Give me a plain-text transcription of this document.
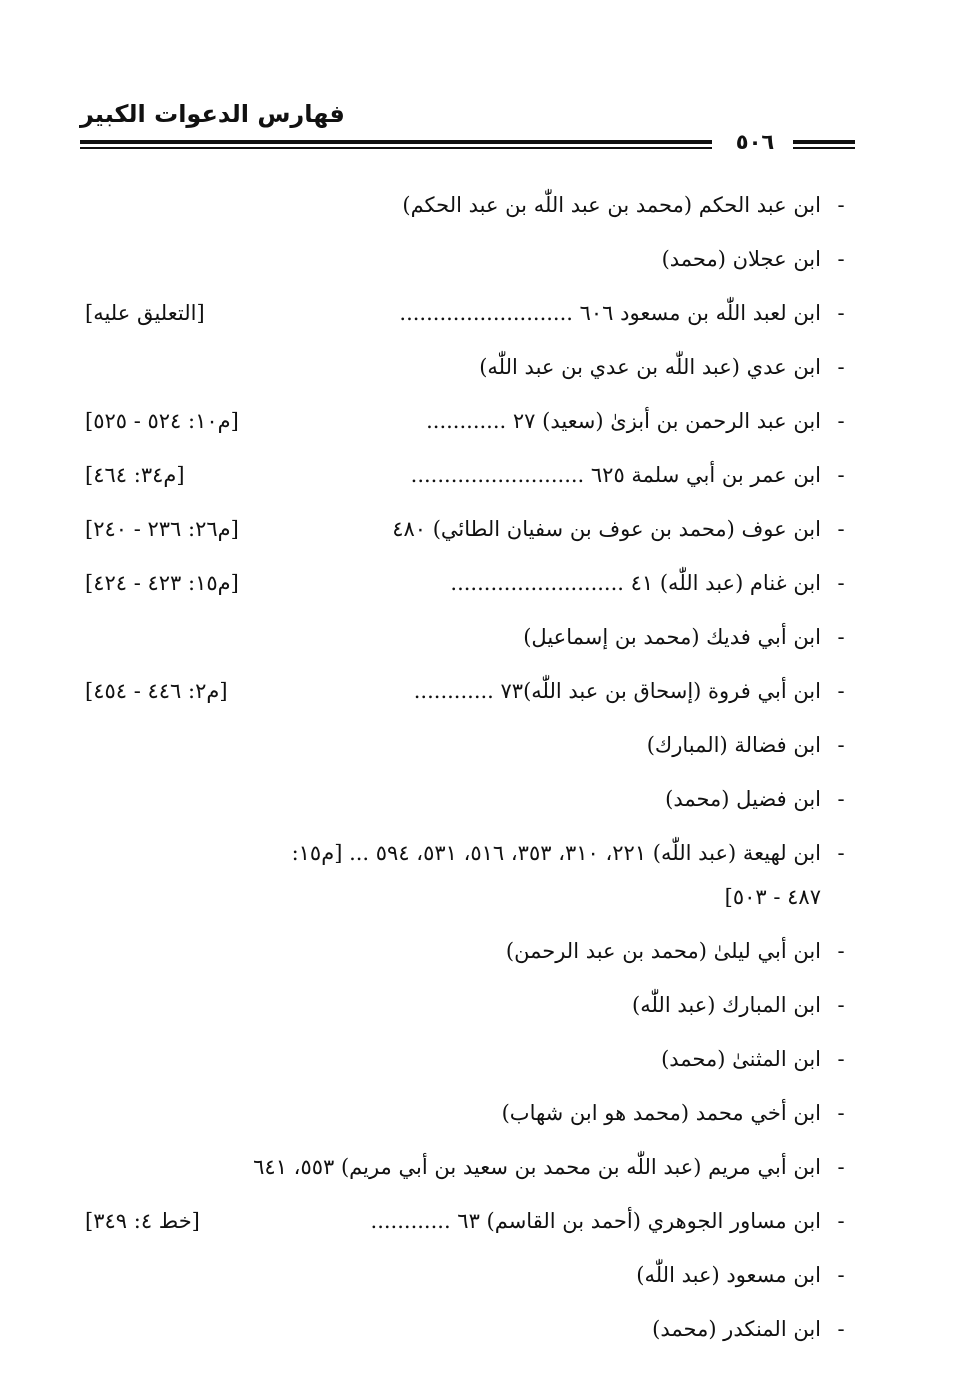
فهارس الدعوات الكبير
٥٠٦
-
ابن عبد الحكم (محمد بن عبد اللّٰه بن عبد الحكم)
-
ابن عجلان (محمد)
-
ابن لعبد اللّٰه بن مسعود ٦٠٦ ..........................
[التعليق عليه]
-
ابن عدي (عبد اللّٰه بن عدي بن عبد اللّٰه)
-
ابن عبد الرحمن بن أبزیٰ (سعید) ٢٧ ............
[م١٠: ٥٢٤ - ٥٢٥]
-
ابن عمر بن أبي سلمة ٦٢٥ ..........................
[م٣٤: ٤٦٤]
-
ابن عوف (محمد بن عوف بن سفيان الطائي) ٤٨٠
[م٢٦: ٢٣٦ - ٢٤٠]
-
ابن غنام (عبد اللّٰه) ٤١ ..........................
[م١٥: ٤٢٣ - ٤٢٤]
-
ابن أبي فديك (محمد بن إسماعيل)
-
ابن أبي فروة (إسحاق بن عبد اللّٰه)٧٣ ............
[م٢: ٤٤٦ - ٤٥٤]
-
ابن فضالة (المبارك)
-
ابن فضيل (محمد)
-
ابن لهيعة (عبد اللّٰه) ٢٢١، ٣١٠، ٣٥٣، ٥١٦، ٥٣١، ٥٩٤ ... [م١٥:
٤٨٧ - ٥٠٣]
-
ابن أبي ليلیٰ (محمد بن عبد الرحمن)
-
ابن المبارك (عبد اللّٰه)
-
ابن المثنیٰ (محمد)
-
ابن أخي محمد (محمد هو ابن شهاب)
-
ابن أبي مريم (عبد اللّٰه بن محمد بن سعيد بن أبي مريم) ٥٥٣، ٦٤١
-
ابن مساور الجوهري (أحمد بن القاسم) ٦٣ ............
[خط ٤: ٣٤٩]
-
ابن مسعود (عبد اللّٰه)
-
ابن المنكدر (محمد)
